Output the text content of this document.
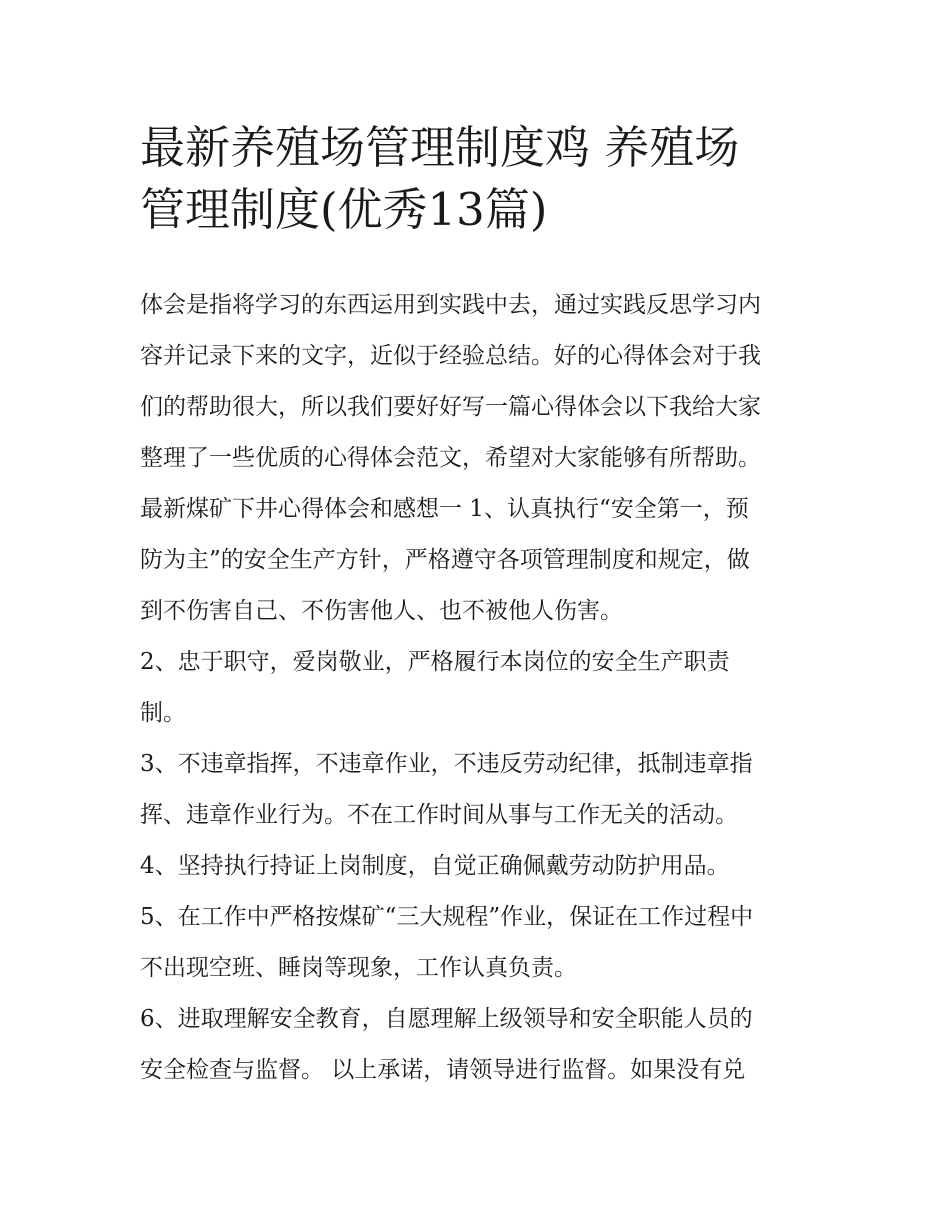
最新养殖场管理制度鸡 养殖场
管理制度(优秀13篇)

体会是指将学习的东西运用到实践中去，通过实践反思学习内
容并记录下来的文字，近似于经验总结。好的心得体会对于我
们的帮助很大，所以我们要好好写一篇心得体会以下我给大家
整理了一些优质的心得体会范文，希望对大家能够有所帮助。
最新煤矿下井心得体会和感想一 1、认真执行“安全第一，预
防为主”的安全生产方针，严格遵守各项管理制度和规定，做
到不伤害自己、不伤害他人、也不被他人伤害。

2、忠于职守，爱岗敬业，严格履行本岗位的安全生产职责
制。

3、不违章指挥，不违章作业，不违反劳动纪律，抵制违章指
挥、违章作业行为。不在工作时间从事与工作无关的活动。

4、坚持执行持证上岗制度，自觉正确佩戴劳动防护用品。

5、在工作中严格按煤矿“三大规程”作业，保证在工作过程中
不出现空班、睡岗等现象，工作认真负责。

6、进取理解安全教育，自愿理解上级领导和安全职能人员的
安全检查与监督。 以上承诺，请领导进行监督。如果没有兑
